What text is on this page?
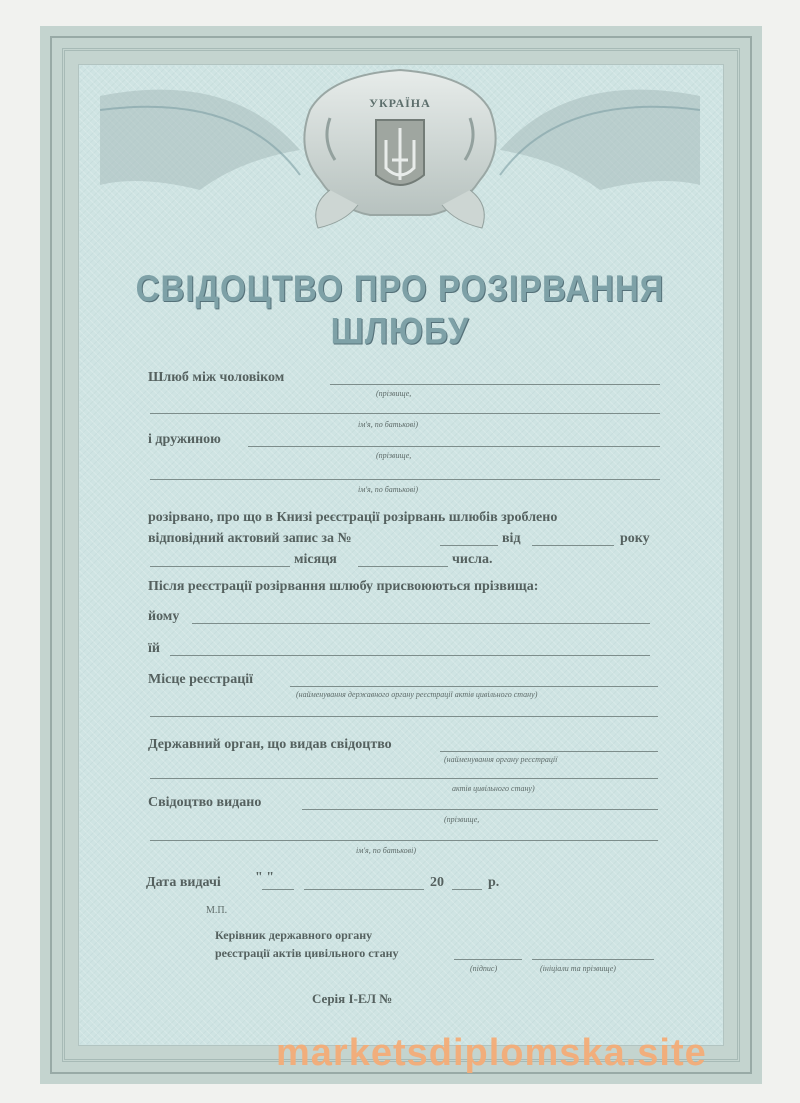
УКРАЇНА
СВІДОЦТВО ПРО РОЗІРВАННЯ ШЛЮБУ
Шлюб між чоловіком
(прізвище,
ім'я, по батькові)
і дружиною
(прізвище,
ім'я, по батькові)
розірвано, про що в Книзі реєстрації розірвань шлюбів зроблено
відповідний актовий запис за №	від	року
місяця	числа.
Після реєстрації розірвання шлюбу присвоюються прізвища:
йому
їй
Місце реєстрації
(найменування державного органу реєстрації актів цивільного стану)
Державний орган, що видав свідоцтво
(найменування органу реєстрації
актів цивільного стану)
Свідоцтво видано
(прізвище,
ім'я, по батькові)
Дата видачі " "	20	р.
М.П.
Керівник державного органу
реєстрації актів цивільного стану
(підпис)	(ініціали та прізвище)
Серія І-ЕЛ №
marketsdiplomska.site
